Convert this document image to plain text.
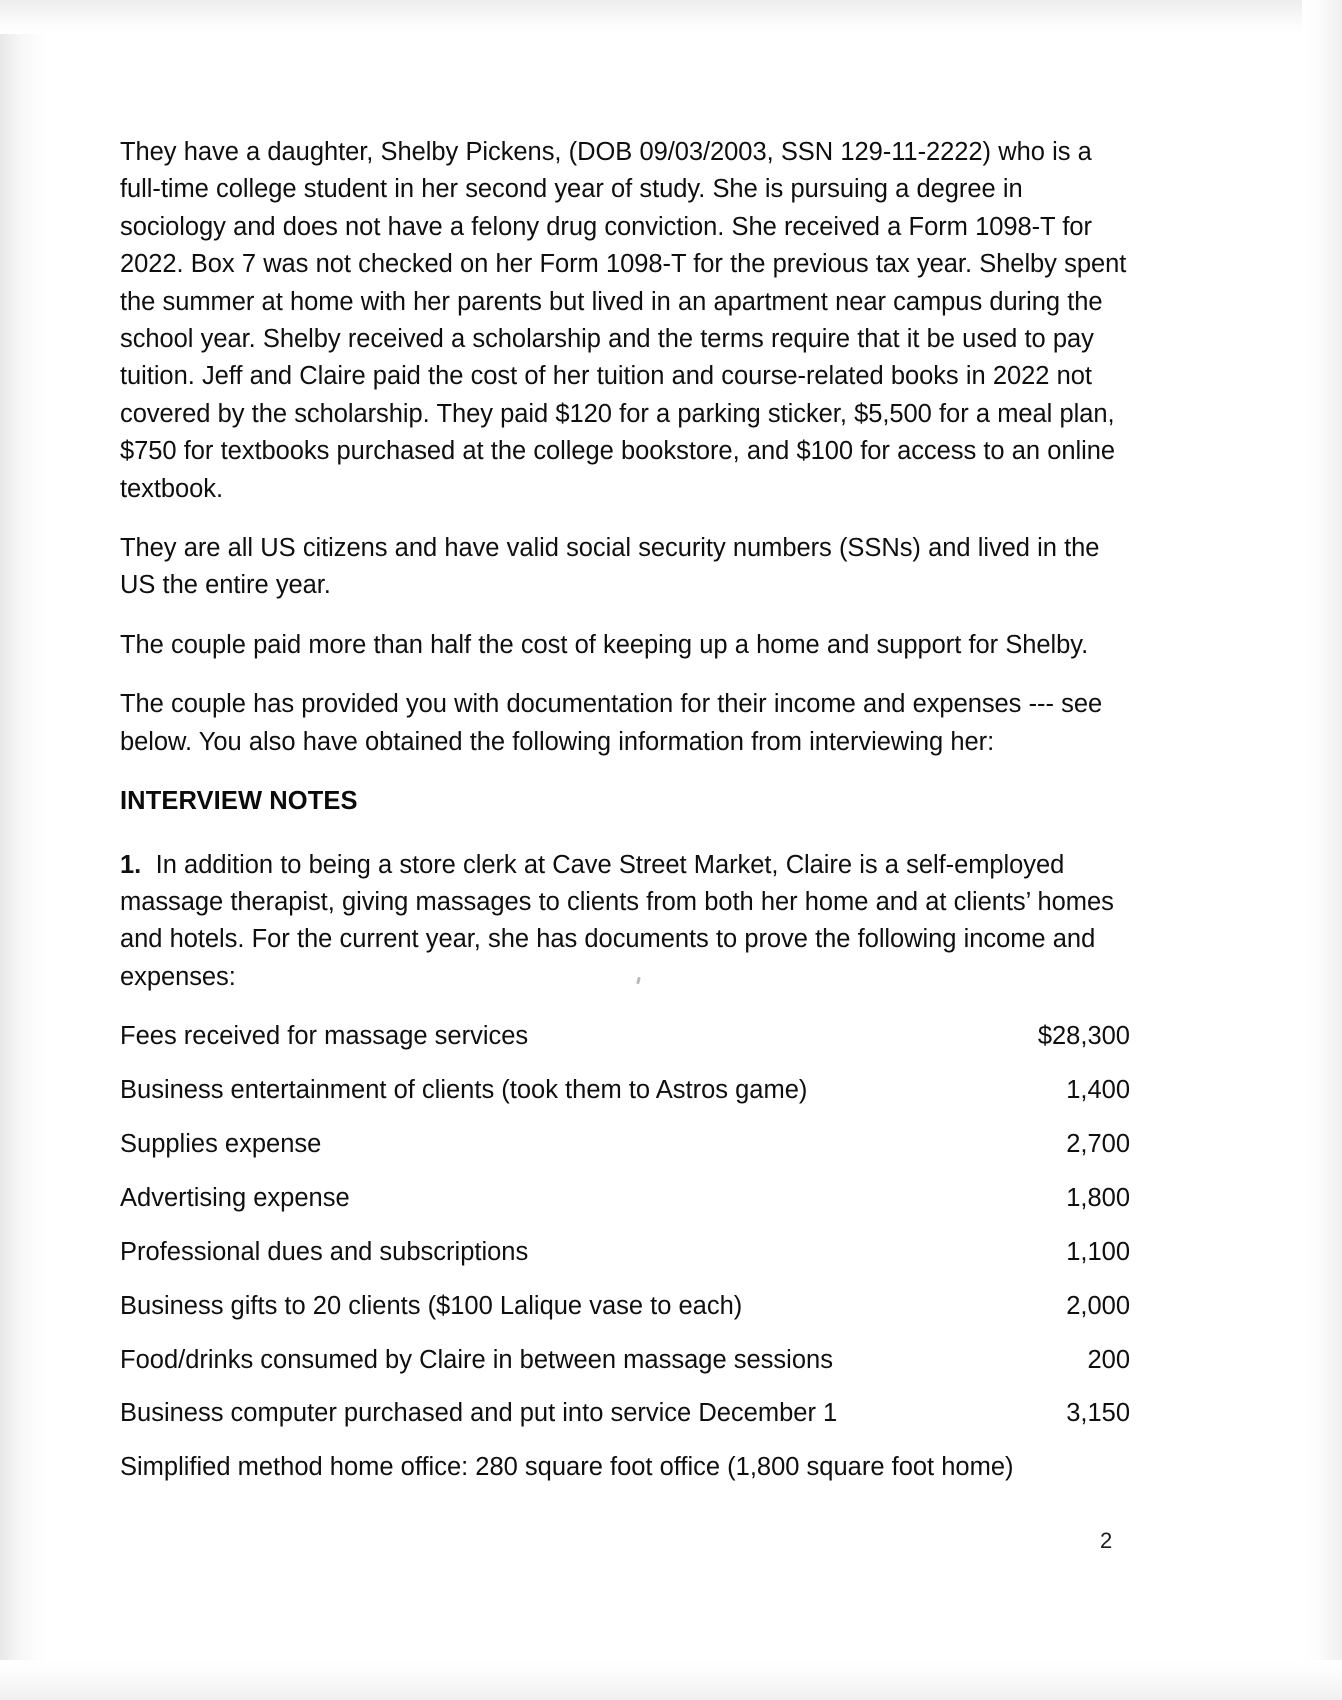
They have a daughter, Shelby Pickens, (DOB 09/03/2003, SSN 129-11-2222) who is a full-time college student in her second year of study. She is pursuing a degree in sociology and does not have a felony drug conviction. She received a Form 1098-T for 2022. Box 7 was not checked on her Form 1098-T for the previous tax year. Shelby spent the summer at home with her parents but lived in an apartment near campus during the school year. Shelby received a scholarship and the terms require that it be used to pay tuition. Jeff and Claire paid the cost of her tuition and course-related books in 2022 not covered by the scholarship. They paid $120 for a parking sticker, $5,500 for a meal plan, $750 for textbooks purchased at the college bookstore, and $100 for access to an online textbook.

They are all US citizens and have valid social security numbers (SSNs) and lived in the US the entire year.

The couple paid more than half the cost of keeping up a home and support for Shelby.

The couple has provided you with documentation for their income and expenses --- see below. You also have obtained the following information from interviewing her:

INTERVIEW NOTES

1. In addition to being a store clerk at Cave Street Market, Claire is a self-employed massage therapist, giving massages to clients from both her home and at clients’ homes and hotels. For the current year, she has documents to prove the following income and expenses:

Fees received for massage services	$28,300
Business entertainment of clients (took them to Astros game)	1,400
Supplies expense	2,700
Advertising expense	1,800
Professional dues and subscriptions	1,100
Business gifts to 20 clients ($100 Lalique vase to each)	2,000
Food/drinks consumed by Claire in between massage sessions	200
Business computer purchased and put into service December 1	3,150
Simplified method home office: 280 square foot office (1,800 square foot home)
2
